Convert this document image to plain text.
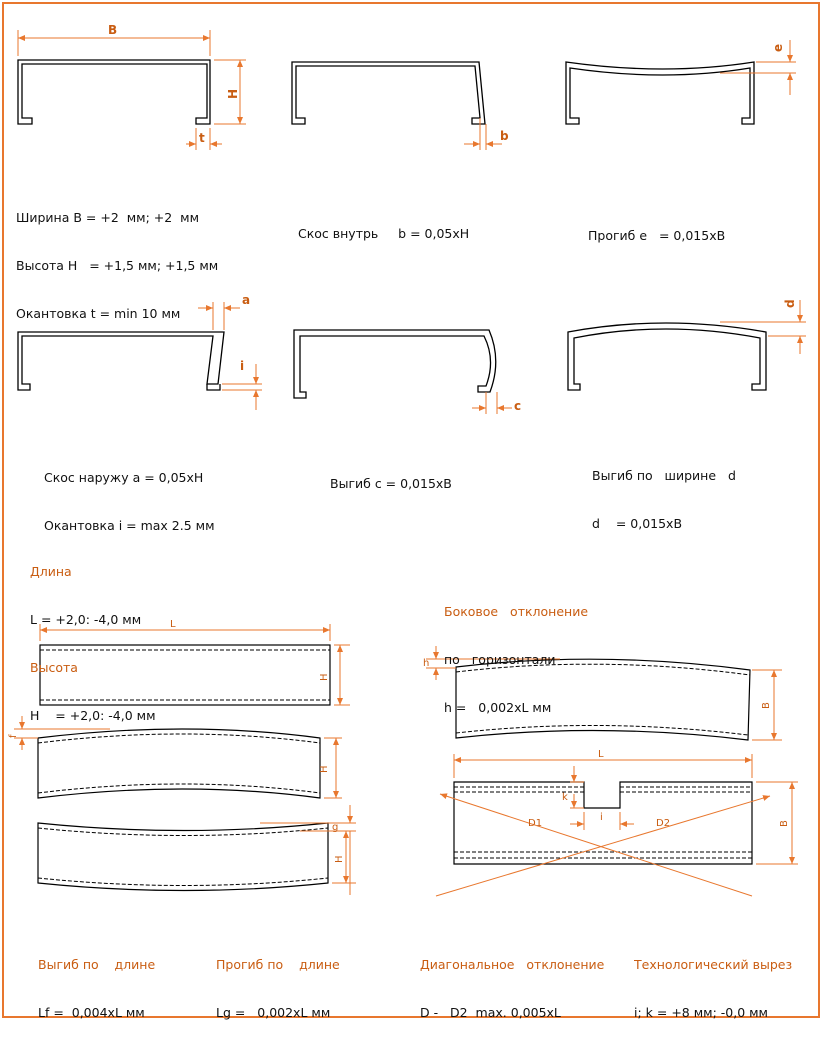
B
H
t	b
e
a
i
c
d
L
H
f
H
g
H
h
B
L
B
k
i
D1	D2

Ширина B = +2  мм; +2  мм

Высота H   = +1,5 мм; +1,5 мм

Окантовка t = min 10 мм

Скос внутрь     b = 0,05xH

	Прогиб e   = 0,015xB

Скос наружу a = 0,05xH

Окантовка i = max 2.5 мм

Выгиб c = 0,015xB

Выгиб по   ширине   d

d    = 0,015xB

Длина

L = +2,0: -4,0 мм

Высота

H    = +2,0: -4,0 мм

Боковое   отклонение

по   горизонтали

h =   0,002xL мм

Выгиб по    длине

Lf =  0,004xL мм

Прогиб по    длине

Lg =   0,002xL мм

Диагональное   отклонение

D -   D2  max. 0,005xL

Технологический вырез

i; k = +8 мм; -0,0 мм
